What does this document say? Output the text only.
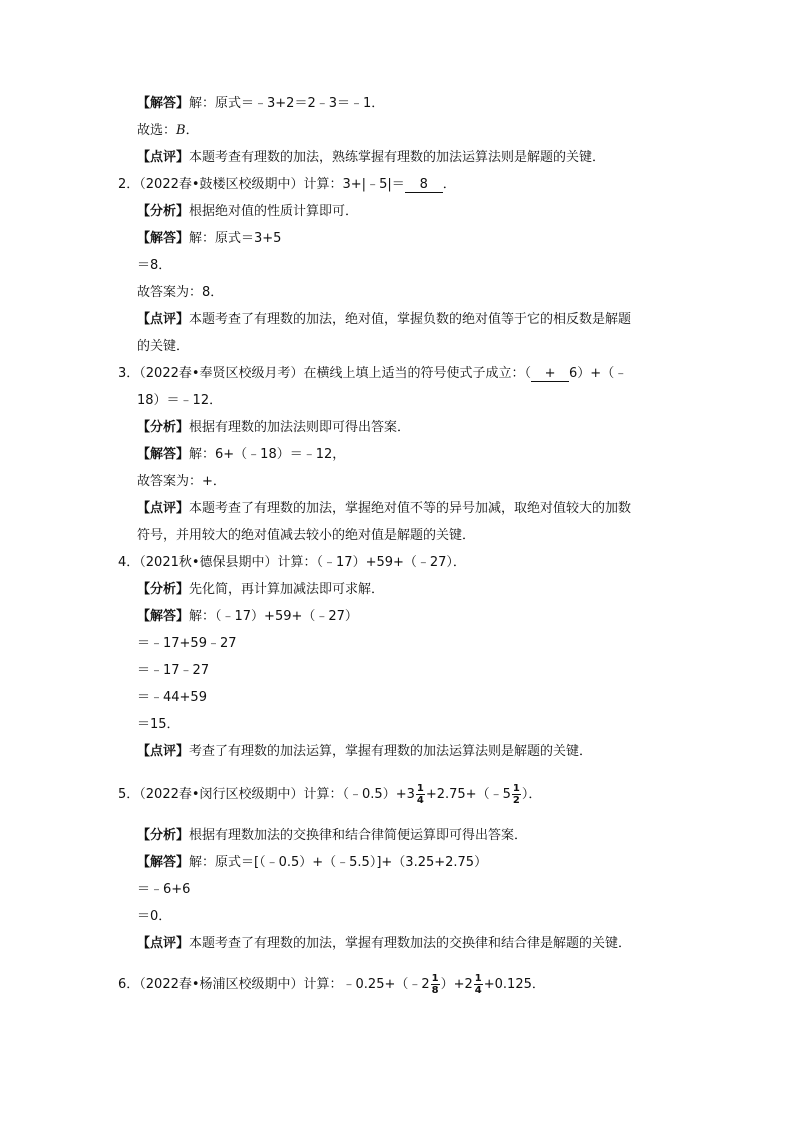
【解答】解：原式＝﹣3+2＝2﹣3＝﹣1．
故选：B．
【点评】本题考查有理数的加法，熟练掌握有理数的加法运算法则是解题的关键．
2．（2022春•鼓楼区校级期中）计算：3+|﹣5|＝ 8 ．
【分析】根据绝对值的性质计算即可．
【解答】解：原式＝3+5
＝8．
故答案为：8．
【点评】本题考查了有理数的加法，绝对值，掌握负数的绝对值等于它的相反数是解题
的关键．
3．（2022春•奉贤区校级月考）在横线上填上适当的符号使式子成立：（ + 6）+（﹣
18）＝﹣12．
【分析】根据有理数的加法法则即可得出答案．
【解答】解：6+（﹣18）＝﹣12，
故答案为：+．
【点评】本题考查了有理数的加法，掌握绝对值不等的异号加减，取绝对值较大的加数
符号，并用较大的绝对值减去较小的绝对值是解题的关键．
4．（2021秋•德保县期中）计算：（﹣17）+59+（﹣27）．
【分析】先化简，再计算加减法即可求解．
【解答】解：（﹣17）+59+（﹣27）
＝﹣17+59﹣27
＝﹣17﹣27
＝﹣44+59
＝15．
【点评】考查了有理数的加法运算，掌握有理数的加法运算法则是解题的关键．
5．（2022春•闵行区校级期中）计算：（﹣0.5）+3 $\frac{1}{4}$ +2.75+（﹣5 $\frac{1}{2}$ ）．
【分析】根据有理数加法的交换律和结合律简便运算即可得出答案．
【解答】解：原式＝[（﹣0.5）+（﹣5.5）]+（3.25+2.75）
＝﹣6+6
＝0．
【点评】本题考查了有理数的加法，掌握有理数加法的交换律和结合律是解题的关键．
6．（2022春•杨浦区校级期中）计算：﹣0.25+（﹣2 $\frac{1}{8} )+2 \frac{1}{4} +0.125$．
